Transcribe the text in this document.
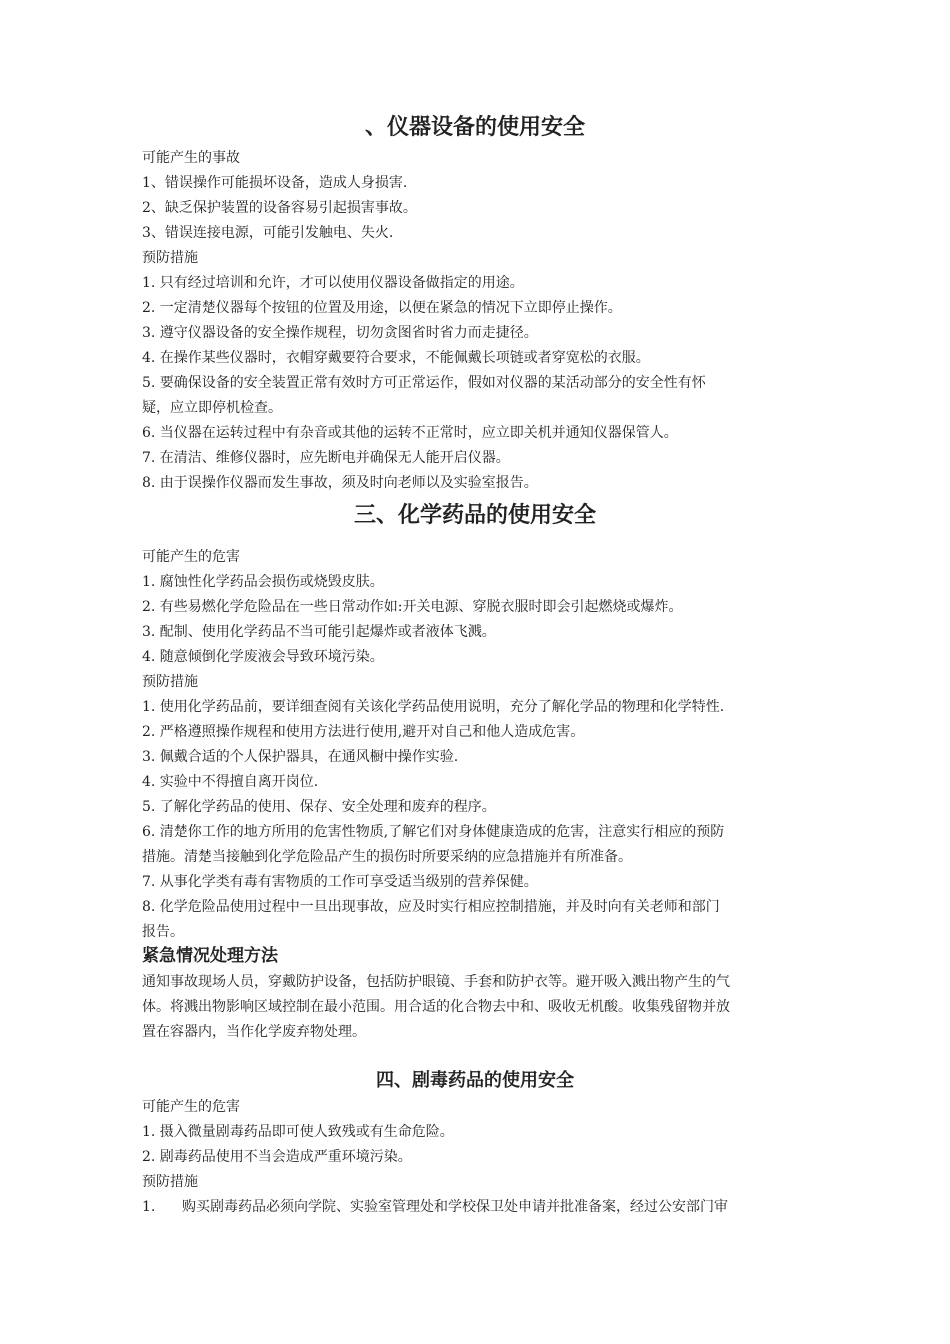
、仪器设备的使用安全

可能产生的事故

1、错误操作可能损坏设备，造成人身损害.

2、缺乏保护装置的设备容易引起损害事故。

3、错误连接电源，可能引发触电、失火.

预防措施

1. 只有经过培训和允许，才可以使用仪器设备做指定的用途。

2. 一定清楚仪器每个按钮的位置及用途，以便在紧急的情况下立即停止操作。

3. 遵守仪器设备的安全操作规程，切勿贪图省时省力而走捷径。

4. 在操作某些仪器时，衣帽穿戴要符合要求，不能佩戴长项链或者穿宽松的衣服。

5. 要确保设备的安全装置正常有效时方可正常运作，假如对仪器的某活动部分的安全性有怀

疑，应立即停机检查。

6. 当仪器在运转过程中有杂音或其他的运转不正常时，应立即关机并通知仪器保管人。

7. 在清洁、维修仪器时，应先断电并确保无人能开启仪器。

8. 由于误操作仪器而发生事故，须及时向老师以及实验室报告。

三、化学药品的使用安全

可能产生的危害

1. 腐蚀性化学药品会损伤或烧毁皮肤。

2. 有些易燃化学危险品在一些日常动作如:开关电源、穿脱衣服时即会引起燃烧或爆炸。

3. 配制、使用化学药品不当可能引起爆炸或者液体飞溅。

4. 随意倾倒化学废液会导致环境污染。

预防措施

1. 使用化学药品前，要详细查阅有关该化学药品使用说明，充分了解化学品的物理和化学特性.

2. 严格遵照操作规程和使用方法进行使用,避开对自己和他人造成危害。

3. 佩戴合适的个人保护器具，在通风橱中操作实验.

4. 实验中不得擅自离开岗位.

5. 了解化学药品的使用、保存、安全处理和废弃的程序。

6. 清楚你工作的地方所用的危害性物质,了解它们对身体健康造成的危害，注意实行相应的预防

措施。清楚当接触到化学危险品产生的损伤时所要采纳的应急措施并有所准备。

7. 从事化学类有毒有害物质的工作可享受适当级别的营养保健。

8. 化学危险品使用过程中一旦出现事故，应及时实行相应控制措施，并及时向有关老师和部门

报告。

紧急情况处理方法

通知事故现场人员，穿戴防护设备，包括防护眼镜、手套和防护衣等。避开吸入溅出物产生的气

体。将溅出物影响区域控制在最小范围。用合适的化合物去中和、吸收无机酸。收集残留物并放

置在容器内，当作化学废弃物处理。

四、剧毒药品的使用安全

可能产生的危害

1. 摄入微量剧毒药品即可使人致残或有生命危险。

2. 剧毒药品使用不当会造成严重环境污染。

预防措施

1.      购买剧毒药品必须向学院、实验室管理处和学校保卫处申请并批准备案，经过公安部门审
